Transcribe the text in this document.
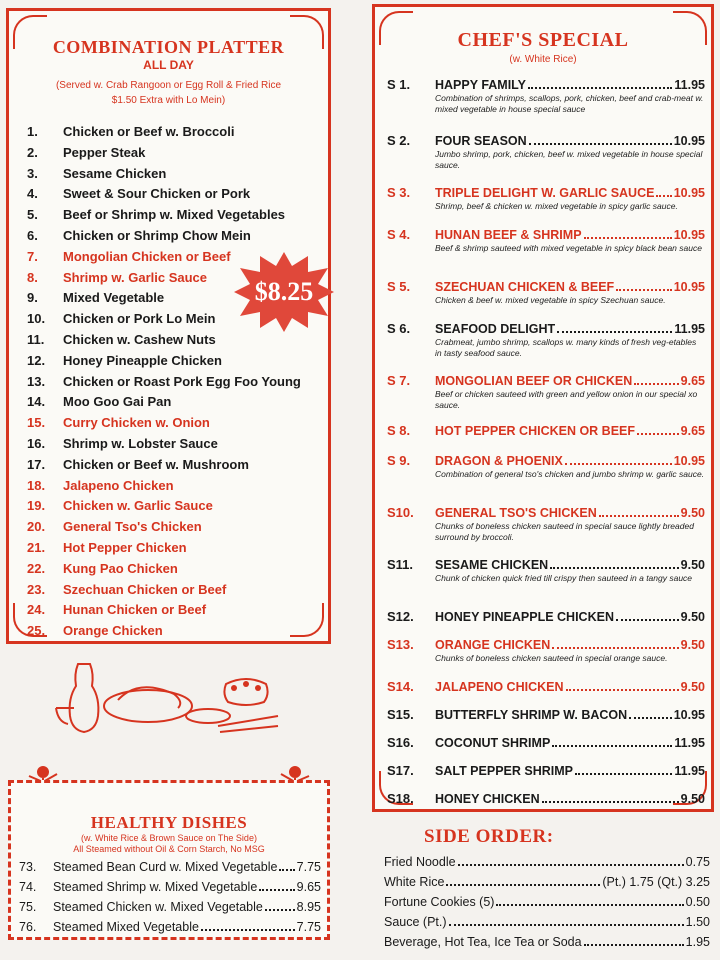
COMBINATION PLATTER
ALL DAY
(Served w. Crab Rangoon or Egg Roll & Fried Rice
$1.50 Extra with Lo Mein)
1.	Chicken or Beef w. Broccoli
2.	Pepper Steak
3.	Sesame Chicken
4.	Sweet & Sour Chicken or Pork
5.	Beef or Shrimp w. Mixed Vegetables
6.	Chicken or Shrimp Chow Mein
7.	Mongolian Chicken or Beef
8.	Shrimp w. Garlic Sauce
9.	Mixed Vegetable
10.	Chicken or Pork Lo Mein
11.	Chicken w. Cashew Nuts
12.	Honey Pineapple Chicken
13.	Chicken or Roast Pork Egg Foo Young
14.	Moo Goo Gai Pan
15.	Curry Chicken w. Onion
16.	Shrimp w. Lobster Sauce
17.	Chicken or Beef w. Mushroom
18.	Jalapeno Chicken
19.	Chicken w. Garlic Sauce
20.	General Tso's Chicken
21.	Hot Pepper Chicken
22.	Kung Pao Chicken
23.	Szechuan Chicken or Beef
24.	Hunan Chicken or Beef
25.	Orange Chicken
$8.25
HEALTHY DISHES
(w. White Rice & Brown Sauce on The Side)
All Steamed without Oil & Corn Starch, No MSG
73.	Steamed Bean Curd w. Mixed Vegetable 7.75
74.	Steamed Shrimp w. Mixed Vegetable	9.65
75.	Steamed Chicken w. Mixed Vegetable	8.95
76.	Steamed Mixed Vegetable	7.75
CHEF'S SPECIAL
(w. White Rice)
S 1.	HAPPY FAMILY	11.95
Combination of shrimps, scallops, pork, chicken, beef and crab-meat w. mixed vegetable in house special sauce
S 2.	FOUR SEASON	10.95
Jumbo shrimp, pork, chicken, beef w. mixed vegetable in house special sauce.
S 3.	TRIPLE DELIGHT W. GARLIC SAUCE 10.95
Shrimp, beef & chicken w. mixed vegetable in spicy garlic sauce.
S 4.	HUNAN BEEF & SHRIMP	10.95
Beef & shrimp sauteed with mixed vegetable in spicy black bean sauce
S 5.	SZECHUAN CHICKEN & BEEF	10.95
Chicken & beef w. mixed vegetable in spicy Szechuan sauce.
S 6.	SEAFOOD DELIGHT	11.95
Crabmeat, jumbo shrimp, scallops w. many kinds of fresh veg-etables in tasty seafood sauce.
S 7.	MONGOLIAN BEEF OR CHICKEN	9.65
Beef or chicken sauteed with green and yellow onion in our special xo sauce.
S 8.	HOT PEPPER CHICKEN OR BEEF	9.65
S 9.	DRAGON & PHOENIX	10.95
Combination of general tso's chicken and jumbo shrimp w. garlic sauce.
S10.	GENERAL TSO'S CHICKEN	9.50
Chunks of boneless chicken sauteed in special sauce lightly breaded surround by broccoli.
S11.	SESAME CHICKEN	9.50
Chunk of chicken quick fried till crispy then sauteed in a tangy sauce
S12.	HONEY PINEAPPLE CHICKEN	9.50
S13.	ORANGE CHICKEN	9.50
Chunks of boneless chicken sauteed in special orange sauce.
S14.	JALAPENO CHICKEN	9.50
S15.	BUTTERFLY SHRIMP W. BACON	10.95
S16.	COCONUT SHRIMP	11.95
S17.	SALT PEPPER SHRIMP	11.95
S18.	HONEY CHICKEN	9.50
SIDE ORDER:
Fried Noodle	0.75
White Rice	(Pt.) 1.75 (Qt.) 3.25
Fortune Cookies (5)	0.50
Sauce (Pt.)	1.50
Beverage, Hot Tea, Ice Tea or Soda	1.95
